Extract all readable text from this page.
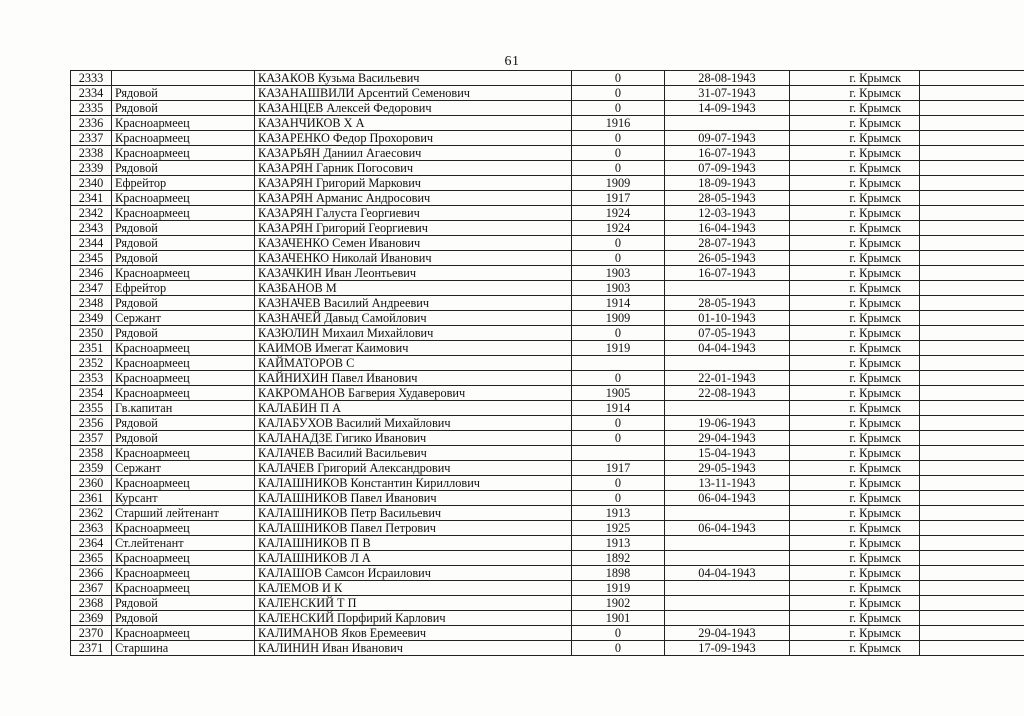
61
2333		КАЗАКОВ Кузьма Васильевич	0	28-08-1943	г. Крымск	
2334	Рядовой	КАЗАНАШВИЛИ Арсентий Семенович	0	31-07-1943	г. Крымск	
2335	Рядовой	КАЗАНЦЕВ Алексей Федорович	0	14-09-1943	г. Крымск	
2336	Красноармеец	КАЗАНЧИКОВ Х А	1916		г. Крымск	
2337	Красноармеец	КАЗАРЕНКО Федор Прохорович	0	09-07-1943	г. Крымск	
2338	Красноармеец	КАЗАРЬЯН Даниил Агаесович	0	16-07-1943	г. Крымск	
2339	Рядовой	КАЗАРЯН Гарник Погосович	0	07-09-1943	г. Крымск	
2340	Ефрейтор	КАЗАРЯН Григорий Маркович	1909	18-09-1943	г. Крымск	
2341	Красноармеец	КАЗАРЯН Арманис Андросович	1917	28-05-1943	г. Крымск	
2342	Красноармеец	КАЗАРЯН Галуста Георгиевич	1924	12-03-1943	г. Крымск	
2343	Рядовой	КАЗАРЯН Григорий Георгиевич	1924	16-04-1943	г. Крымск	
2344	Рядовой	КАЗАЧЕНКО Семен Иванович	0	28-07-1943	г. Крымск	
2345	Рядовой	КАЗАЧЕНКО Николай Иванович	0	26-05-1943	г. Крымск	
2346	Красноармеец	КАЗАЧКИН Иван Леонтьевич	1903	16-07-1943	г. Крымск	
2347	Ефрейтор	КАЗБАНОВ М	1903		г. Крымск	
2348	Рядовой	КАЗНАЧЕВ Василий Андреевич	1914	28-05-1943	г. Крымск	
2349	Сержант	КАЗНАЧЕЙ Давыд Самойлович	1909	01-10-1943	г. Крымск	
2350	Рядовой	КАЗЮЛИН Михаил Михайлович	0	07-05-1943	г. Крымск	
2351	Красноармеец	КАИМОВ Имегат Каимович	1919	04-04-1943	г. Крымск	
2352	Красноармеец	КАЙМАТОРОВ С			г. Крымск	
2353	Красноармеец	КАЙНИХИН Павел Иванович	0	22-01-1943	г. Крымск	
2354	Красноармеец	КАКРОМАНОВ Багверия Худаверович	1905	22-08-1943	г. Крымск	
2355	Гв.капитан	КАЛАБИН П А	1914		г. Крымск	
2356	Рядовой	КАЛАБУХОВ Василий Михайлович	0	19-06-1943	г. Крымск	
2357	Рядовой	КАЛАНАДЗЕ Гигико Иванович	0	29-04-1943	г. Крымск	
2358	Красноармеец	КАЛАЧЕВ Василий Васильевич		15-04-1943	г. Крымск	
2359	Сержант	КАЛАЧЕВ Григорий Александрович	1917	29-05-1943	г. Крымск	
2360	Красноармеец	КАЛАШНИКОВ Константин Кириллович	0	13-11-1943	г. Крымск	
2361	Курсант	КАЛАШНИКОВ Павел Иванович	0	06-04-1943	г. Крымск	
2362	Старший лейтенант	КАЛАШНИКОВ Петр Васильевич	1913		г. Крымск	
2363	Красноармеец	КАЛАШНИКОВ Павел Петрович	1925	06-04-1943	г. Крымск	
2364	Ст.лейтенант	КАЛАШНИКОВ П В	1913		г. Крымск	
2365	Красноармеец	КАЛАШНИКОВ Л А	1892		г. Крымск	
2366	Красноармеец	КАЛАШОВ Самсон Исраилович	1898	04-04-1943	г. Крымск	
2367	Красноармеец	КАЛЕМОВ И К	1919		г. Крымск	
2368	Рядовой	КАЛЕНСКИЙ Т П	1902		г. Крымск	
2369	Рядовой	КАЛЕНСКИЙ Порфирий Карлович	1901		г. Крымск	
2370	Красноармеец	КАЛИМАНОВ Яков Еремеевич	0	29-04-1943	г. Крымск	
2371	Старшина	КАЛИНИН Иван Иванович	0	17-09-1943	г. Крымск	
